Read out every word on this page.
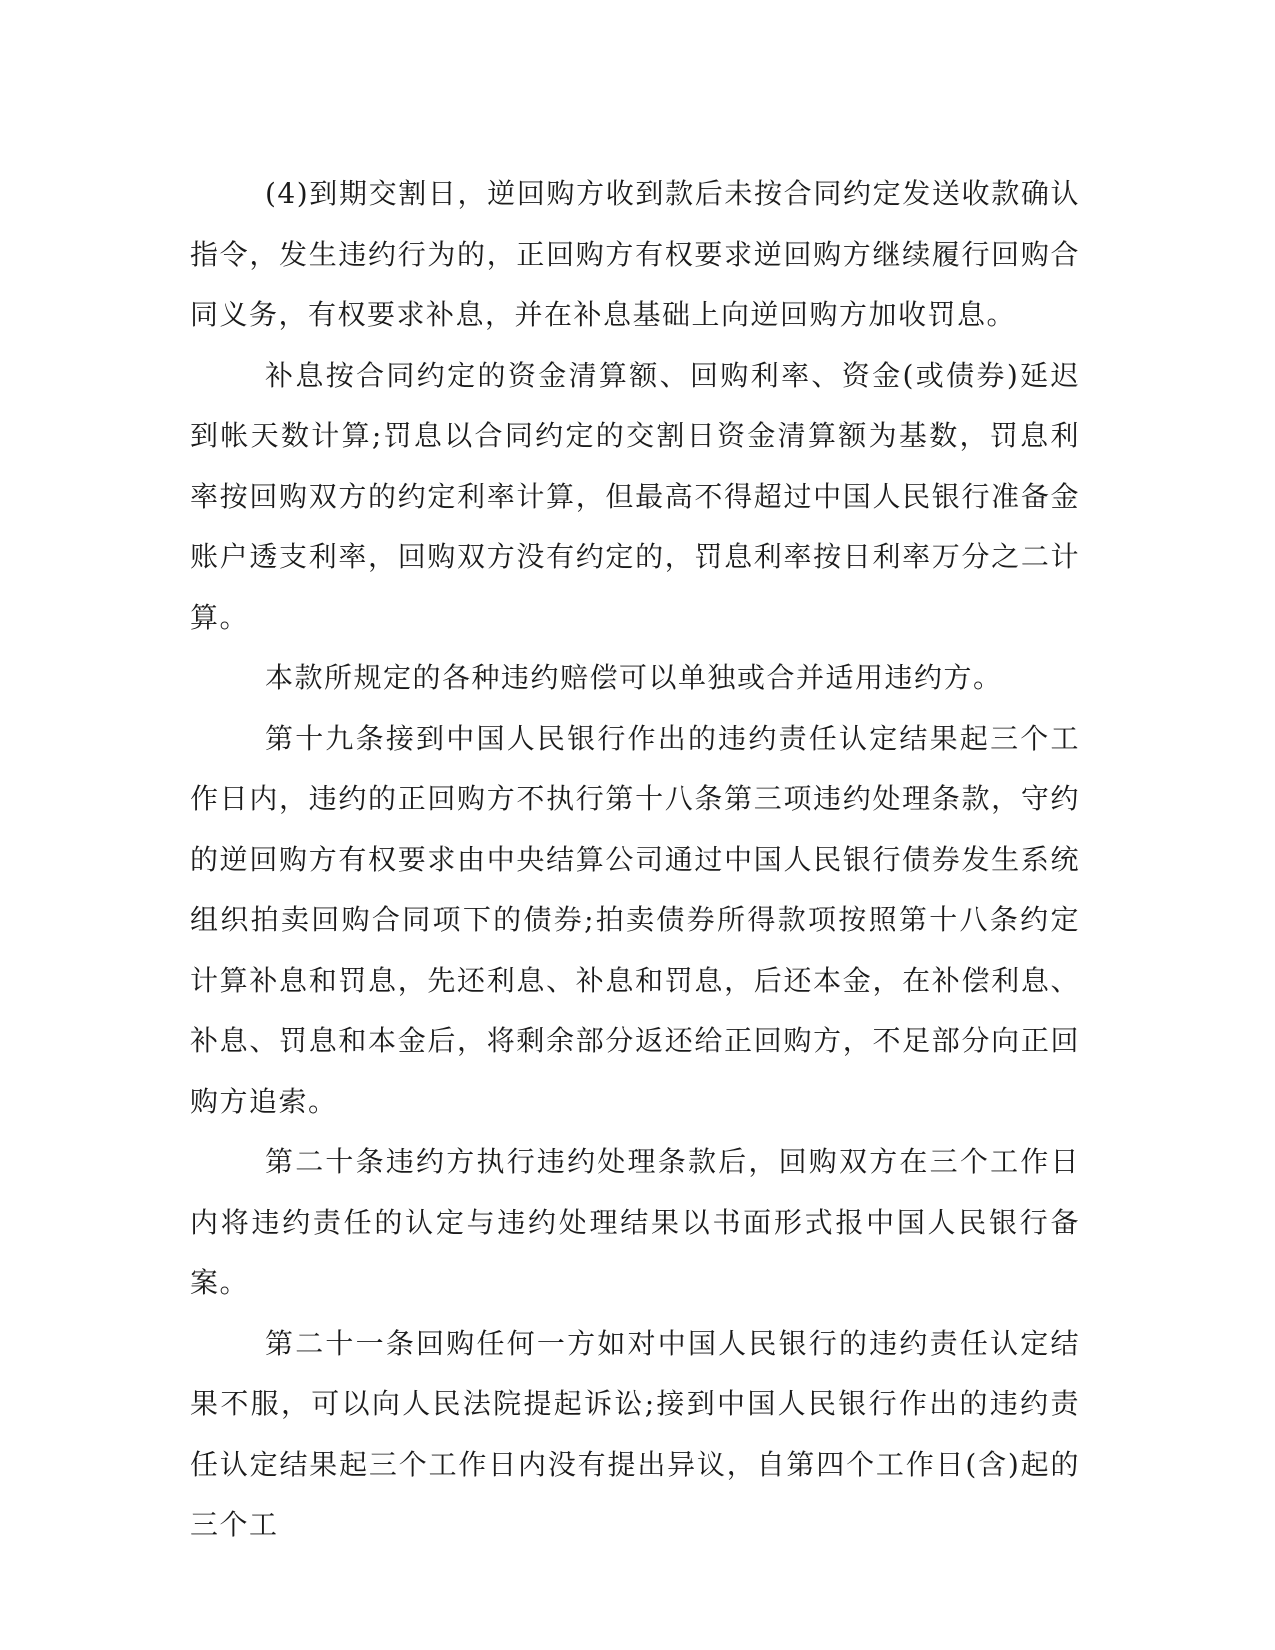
(4)到期交割日，逆回购方收到款后未按合同约定发送收款确认指令，发生违约行为的，正回购方有权要求逆回购方继续履行回购合同义务，有权要求补息，并在补息基础上向逆回购方加收罚息。

补息按合同约定的资金清算额、回购利率、资金(或债券)延迟到帐天数计算;罚息以合同约定的交割日资金清算额为基数，罚息利率按回购双方的约定利率计算，但最高不得超过中国人民银行准备金账户透支利率，回购双方没有约定的，罚息利率按日利率万分之二计算。

本款所规定的各种违约赔偿可以单独或合并适用违约方。

第十九条接到中国人民银行作出的违约责任认定结果起三个工作日内，违约的正回购方不执行第十八条第三项违约处理条款，守约的逆回购方有权要求由中央结算公司通过中国人民银行债券发生系统组织拍卖回购合同项下的债券;拍卖债券所得款项按照第十八条约定计算补息和罚息，先还利息、补息和罚息，后还本金，在补偿利息、补息、罚息和本金后，将剩余部分返还给正回购方，不足部分向正回购方追索。

第二十条违约方执行违约处理条款后，回购双方在三个工作日内将违约责任的认定与违约处理结果以书面形式报中国人民银行备案。

第二十一条回购任何一方如对中国人民银行的违约责任认定结果不服，可以向人民法院提起诉讼;接到中国人民银行作出的违约责任认定结果起三个工作日内没有提出异议，自第四个工作日(含)起的三个工
